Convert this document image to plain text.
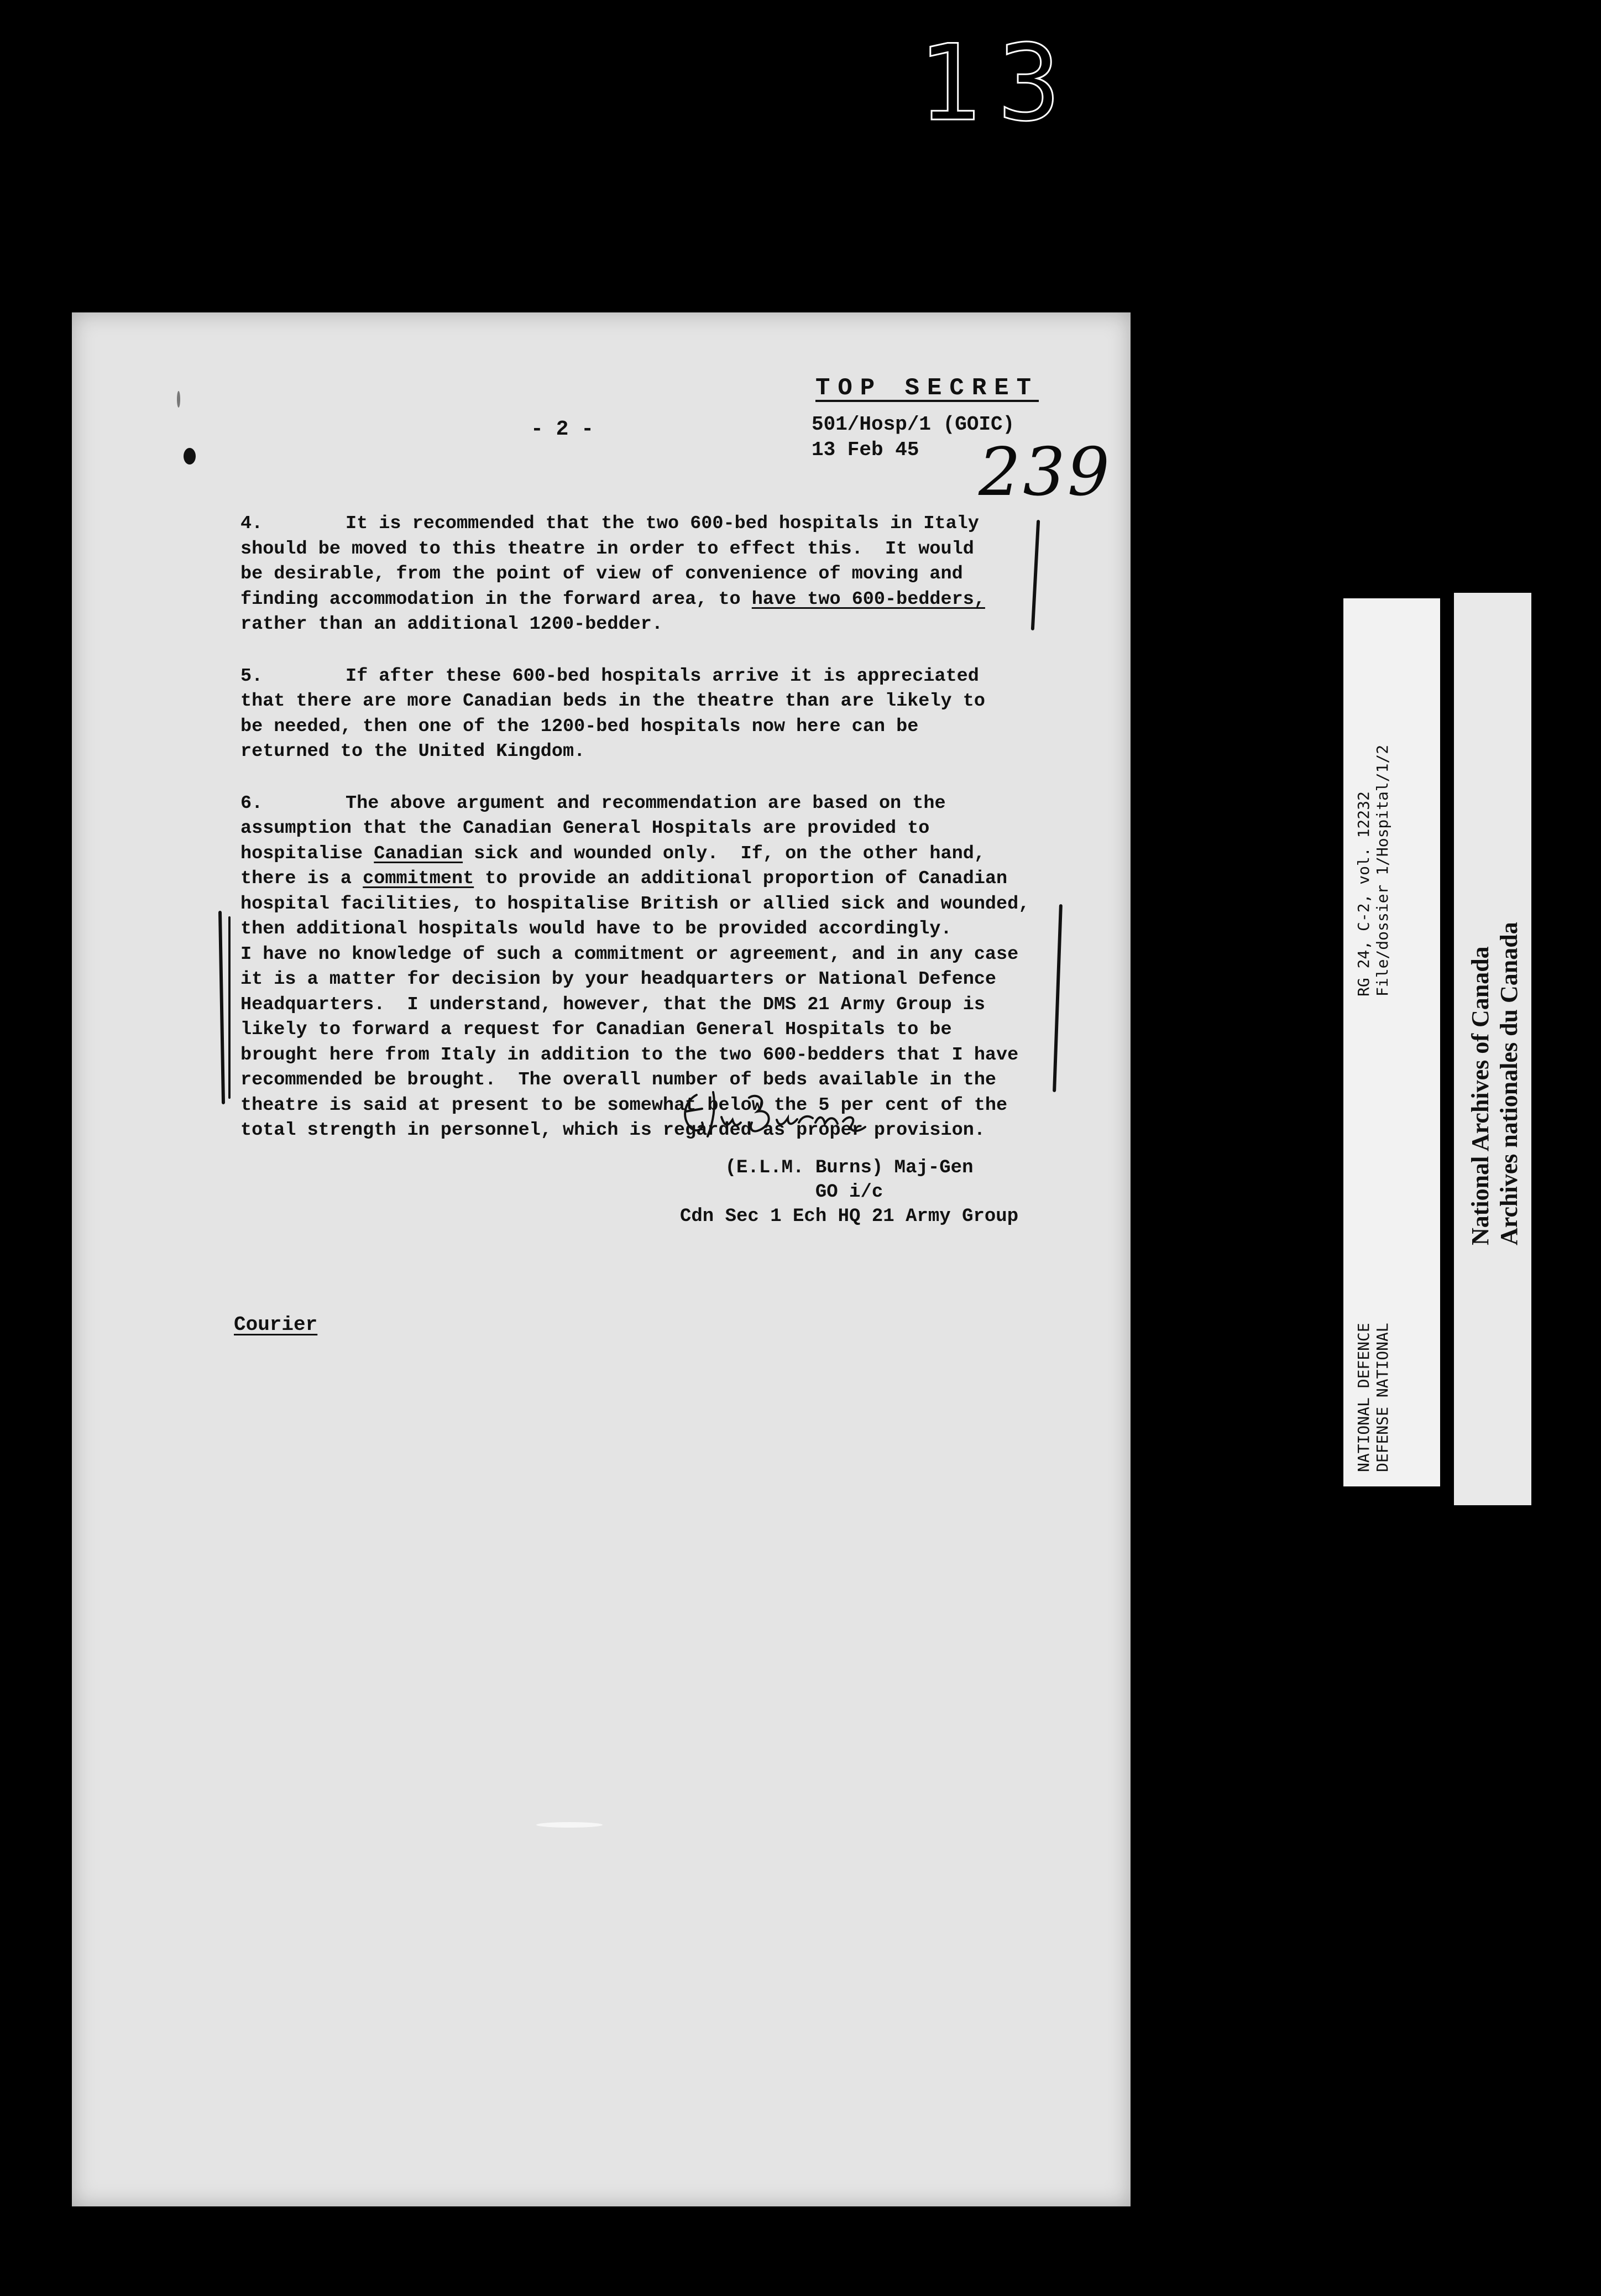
13
TOP SECRET
- 2 -	501/Hosp/1 (GOIC)
13 Feb 45 239

4.	It is recommended that the two 600-bed hospitals in Italy

should be moved to this theatre in order to effect this.  It would

be desirable, from the point of view of convenience of moving and

finding accommodation in the forward area, to have two 600-bedders,

rather than an additional 1200-bedder.

5.	If after these 600-bed hospitals arrive it is appreciated

that there are more Canadian beds in the theatre than are likely to

be needed, then one of the 1200-bed hospitals now here can be

returned to the United Kingdom.

6.	The above argument and recommendation are based on the

assumption that the Canadian General Hospitals are provided to

hospitalise Canadian sick and wounded only.  If, on the other hand,

there is a commitment to provide an additional proportion of Canadian

hospital facilities, to hospitalise British or allied sick and wounded,

then additional hospitals would have to be provided accordingly.

I have no knowledge of such a commitment or agreement, and in any case

it is a matter for decision by your headquarters or National Defence

Headquarters.  I understand, however, that the DMS 21 Army Group is

likely to forward a request for Canadian General Hospitals to be

brought here from Italy in addition to the two 600-bedders that I have

recommended be brought.  The overall number of beds available in the

theatre is said at present to be somewhat below the 5 per cent of the

total strength in personnel, which is regarded as proper provision.

(E.L.M. Burns) Maj-Gen
GO i/c
Cdn Sec 1 Ech HQ 21 Army Group
Courier
RG 24, C-2, vol. 12232 File/dossier 1/Hospital/1/2
NATIONAL DEFENCE DEFENSE NATIONAL
National Archives of Canada Archives nationales du Canada
